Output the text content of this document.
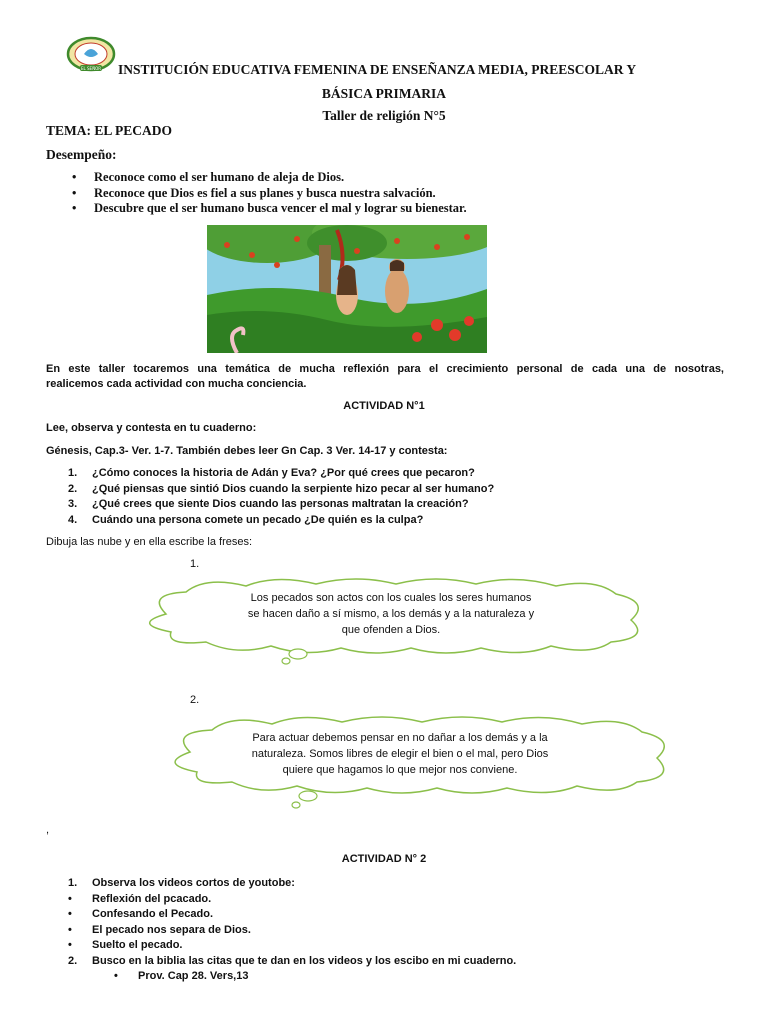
EL SEÑOR INSTITUCIÓN EDUCATIVA FEMENINA DE ENSEÑANZA MEDIA, PREESCOLAR Y
BÁSICA PRIMARIA
Taller de religión N°5
TEMA: EL PECADO
Desempeño:
•	Reconoce como el ser humano de aleja de Dios.
•	Reconoce que Dios es fiel a sus planes y busca nuestra salvación.
•	Descubre que el ser humano busca vencer el mal y lograr su bienestar.
En este taller tocaremos una temática de mucha reflexión para el crecimiento personal de cada una de nosotras,
realicemos cada actividad con mucha conciencia.
ACTIVIDAD N°1
Lee, observa y contesta en tu cuaderno:
Génesis, Cap.3- Ver. 1-7. También debes leer Gn Cap. 3 Ver. 14-17 y contesta:
1.	¿Cómo conoces la historia de Adán y Eva? ¿Por qué crees que pecaron?
2.	¿Qué piensas que sintió Dios cuando la serpiente hizo pecar al ser humano?
3.	¿Qué crees que siente Dios cuando las personas maltratan la creación?
4.	Cuándo una persona comete un pecado ¿De quién es la culpa?
Dibuja las nube y en ella escribe la freses:
1.
Los pecados son actos con los cuales los seres humanos
se hacen daño a sí mismo, a los demás y a la naturaleza y
que ofenden a Dios.
2.
Para actuar debemos pensar en no dañar a los demás y a la
naturaleza. Somos libres de elegir el bien o el mal, pero Dios
quiere que hagamos lo que mejor nos conviene.
,
ACTIVIDAD N° 2
1.	Observa los videos cortos de youtobe:
•	Reflexión del pcacado.
•	Confesando el Pecado.
•	El pecado nos separa de Dios.
•	Suelto el pecado.
2.	Busco en la biblia las citas que te dan en los videos y los escibo en mi cuaderno.
•	Prov. Cap 28. Vers,13
